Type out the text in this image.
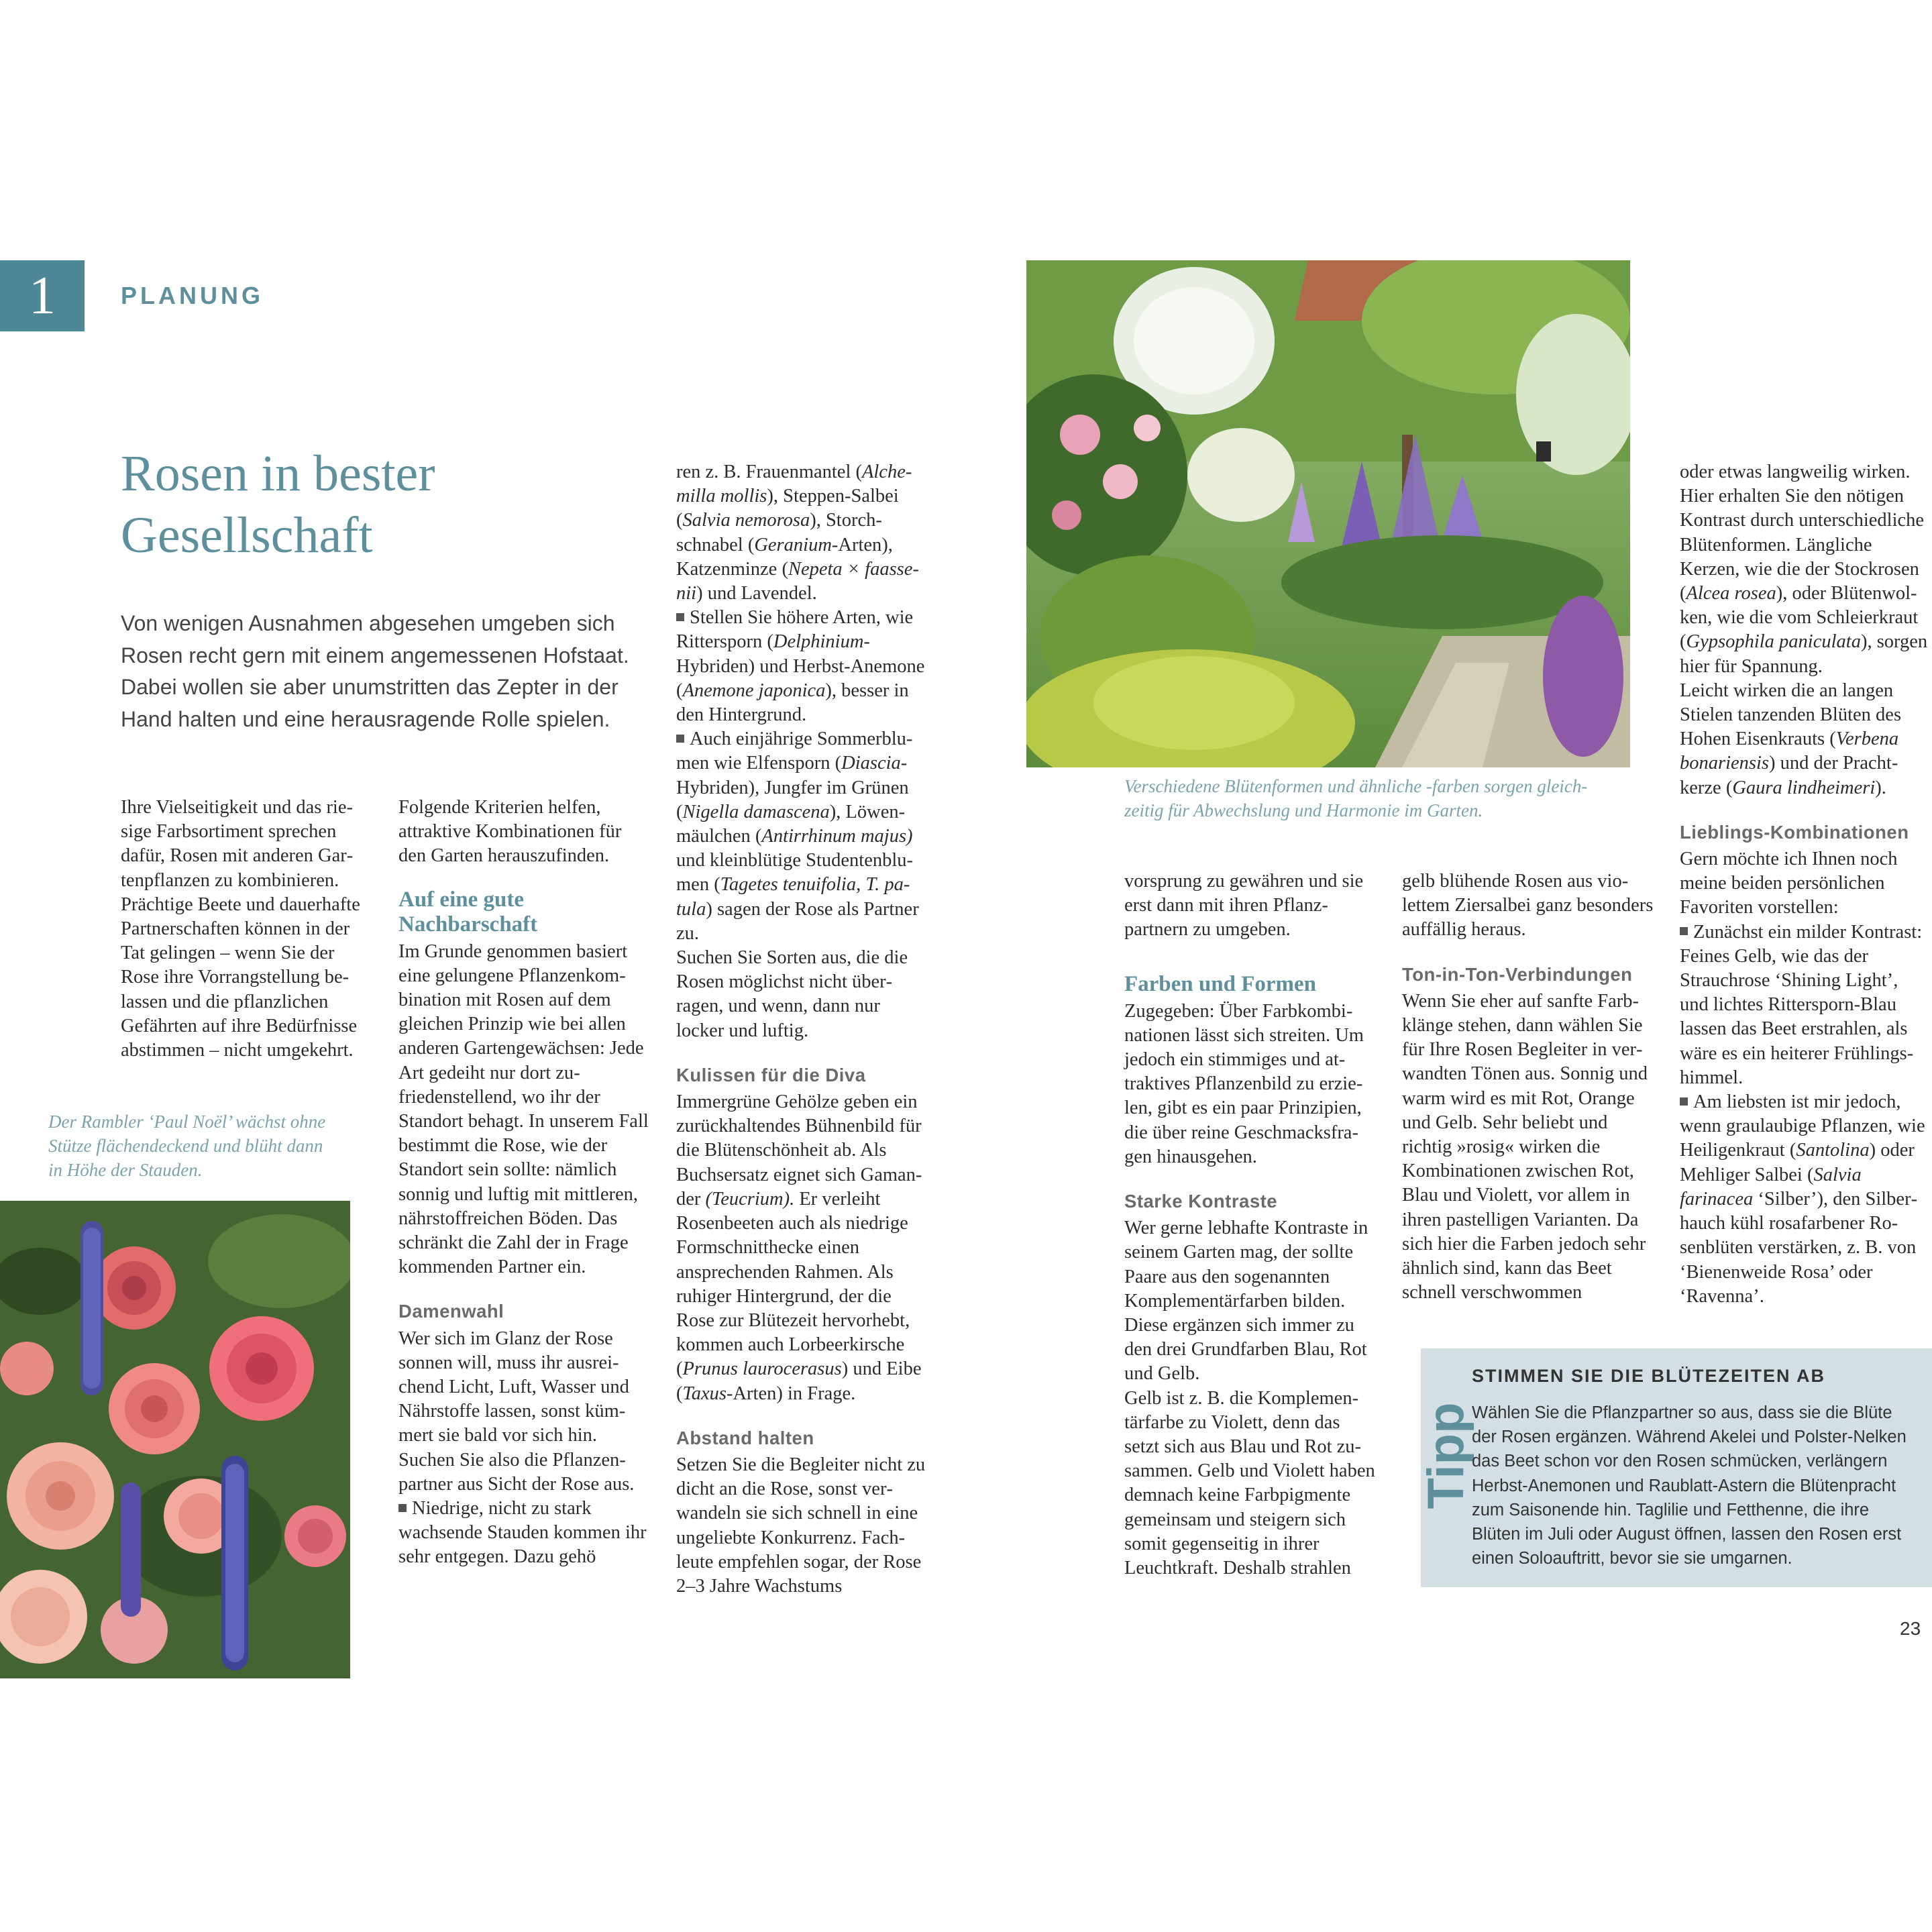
1	PLANUNG
Rosen in bester
Gesellschaft

Von wenigen Ausnahmen abgesehen umgeben sich

Rosen recht gern mit einem angemessenen Hofstaat.

Dabei wollen sie aber unumstritten das Zepter in der

Hand halten und eine herausragende Rolle spielen.

Ihre Vielseitigkeit und das riesige Farbsortiment sprechen dafür, Rosen mit anderen Gartenpflanzen zu kombinieren. Prächtige Beete und dauerhafte Partnerschaften können in der Tat gelingen – wenn Sie der Rose ihre Vorrangstellung belassen und die pflanzlichen Gefährten auf ihre Bedürfnisse abstimmen – nicht umgekehrt.

Der Rambler ‘Paul Noël’ wächst ohne
Stütze flächendeckend und blüht dann
in Höhe der Stauden.

Folgende Kriterien helfen, attraktive Kombinationen für den Garten herauszufinden.

Auf eine gute Nachbarschaft

Im Grunde genommen basiert eine gelungene Pflanzenkombination mit Rosen auf dem gleichen Prinzip wie bei allen anderen Gartengewächsen: Jede Art gedeiht nur dort zufriedenstellend, wo ihr der Standort behagt. In unserem Fall bestimmt die Rose, wie der Standort sein sollte: nämlich sonnig und luftig mit mittleren, nährstoffreichen Böden. Das schränkt die Zahl der in Frage kommenden Partner ein.

Damenwahl

Wer sich im Glanz der Rose sonnen will, muss ihr ausreichend Licht, Luft, Wasser und Nährstoffe lassen, sonst kümmert sie bald vor sich hin. Suchen Sie also die Pflanzenpartner aus Sicht der Rose aus.

Niedrige, nicht zu stark wachsende Stauden kommen ihr sehr entgegen. Dazu gehö

ren z. B. Frauenmantel (Alchemilla mollis), Steppen-Salbei (Salvia nemorosa), Storchschnabel (Geranium-Arten), Katzenminze (Nepeta × faassenii) und Lavendel.

Stellen Sie höhere Arten, wie Rittersporn (Delphinium-Hybriden) und Herbst-Anemone (Anemone japonica), besser in den Hintergrund.

Auch einjährige Sommerblumen wie Elfensporn (Diascia-Hybriden), Jungfer im Grünen (Nigella damascena), Löwenmäulchen (Antirrhinum majus) und kleinblütige Studentenblumen (Tagetes tenuifolia, T. patula) sagen der Rose als Partner zu.

Suchen Sie Sorten aus, die die Rosen möglichst nicht überragen, und wenn, dann nur locker und luftig.

Kulissen für die Diva

Immergrüne Gehölze geben ein zurückhaltendes Bühnenbild für die Blütenschönheit ab. Als Buchsersatz eignet sich Gamander (Teucrium). Er verleiht Rosenbeeten auch als niedrige Formschnitthecke einen ansprechenden Rahmen. Als ruhiger Hintergrund, der die Rose zur Blütezeit hervorhebt, kommen auch Lorbeerkirsche (Prunus laurocerasus) und Eibe (Taxus-Arten) in Frage.

Abstand halten

Setzen Sie die Begleiter nicht zu dicht an die Rose, sonst verwandeln sie sich schnell in eine ungeliebte Konkurrenz. Fachleute empfehlen sogar, der Rose 2–3 Jahre Wachstums

Verschiedene Blütenformen und ähnliche -farben sorgen gleich-
zeitig für Abwechslung und Harmonie im Garten.

vorsprung zu gewähren und sie erst dann mit ihren Pflanzpartnern zu umgeben.

Farben und Formen

Zugegeben: Über Farbkombinationen lässt sich streiten. Um jedoch ein stimmiges und attraktives Pflanzenbild zu erzielen, gibt es ein paar Prinzipien, die über reine Geschmacksfragen hinausgehen.

Starke Kontraste

Wer gerne lebhafte Kontraste in seinem Garten mag, der sollte Paare aus den sogenannten Komplementärfarben bilden. Diese ergänzen sich immer zu den drei Grundfarben Blau, Rot und Gelb.

Gelb ist z. B. die Komplementärfarbe zu Violett, denn das setzt sich aus Blau und Rot zusammen. Gelb und Violett haben demnach keine Farbpigmente gemeinsam und steigern sich somit gegenseitig in ihrer Leuchtkraft. Deshalb strahlen

gelb blühende Rosen aus violettem Ziersalbei ganz besonders auffällig heraus.

Ton-in-Ton-Verbindungen

Wenn Sie eher auf sanfte Farbklänge stehen, dann wählen Sie für Ihre Rosen Begleiter in verwandten Tönen aus. Sonnig und warm wird es mit Rot, Orange und Gelb. Sehr beliebt und richtig »rosig« wirken die Kombinationen zwischen Rot, Blau und Violett, vor allem in ihren pastelligen Varianten. Da sich hier die Farben jedoch sehr ähnlich sind, kann das Beet schnell verschwommen

oder etwas langweilig wirken. Hier erhalten Sie den nötigen Kontrast durch unterschiedliche Blütenformen. Längliche Kerzen, wie die der Stockrosen (Alcea rosea), oder Blütenwolken, wie die vom Schleierkraut (Gypsophila paniculata), sorgen hier für Spannung.

Leicht wirken die an langen Stielen tanzenden Blüten des Hohen Eisenkrauts (Verbena bonariensis) und der Prachtkerze (Gaura lindheimeri).

Lieblings-Kombinationen

Gern möchte ich Ihnen noch meine beiden persönlichen Favoriten vorstellen:

Zunächst ein milder Kontrast: Feines Gelb, wie das der Strauchrose ‘Shining Light’, und lichtes Rittersporn-Blau lassen das Beet erstrahlen, als wäre es ein heiterer Frühlingshimmel.

Am liebsten ist mir jedoch, wenn graulaubige Pflanzen, wie Heiligenkraut (Santolina) oder Mehliger Salbei (Salvia farinacea ‘Silber’), den Silberhauch kühl rosafarbener Rosenblüten verstärken, z. B. von ‘Bienenweide Rosa’ oder ‘Ravenna’.

Tipp
STIMMEN SIE DIE BLÜTEZEITEN AB
Wählen Sie die Pflanzpartner so aus, dass sie die Blüte der Rosen ergänzen. Während Akelei und Polster-Nelken das Beet schon vor den Rosen schmücken, verlängern Herbst-Anemonen und Raublatt-Astern die Blütenpracht zum Saisonende hin. Taglilie und Fetthenne, die ihre Blüten im Juli oder August öffnen, lassen den Rosen erst einen Soloauftritt, bevor sie sie umgarnen.
23
